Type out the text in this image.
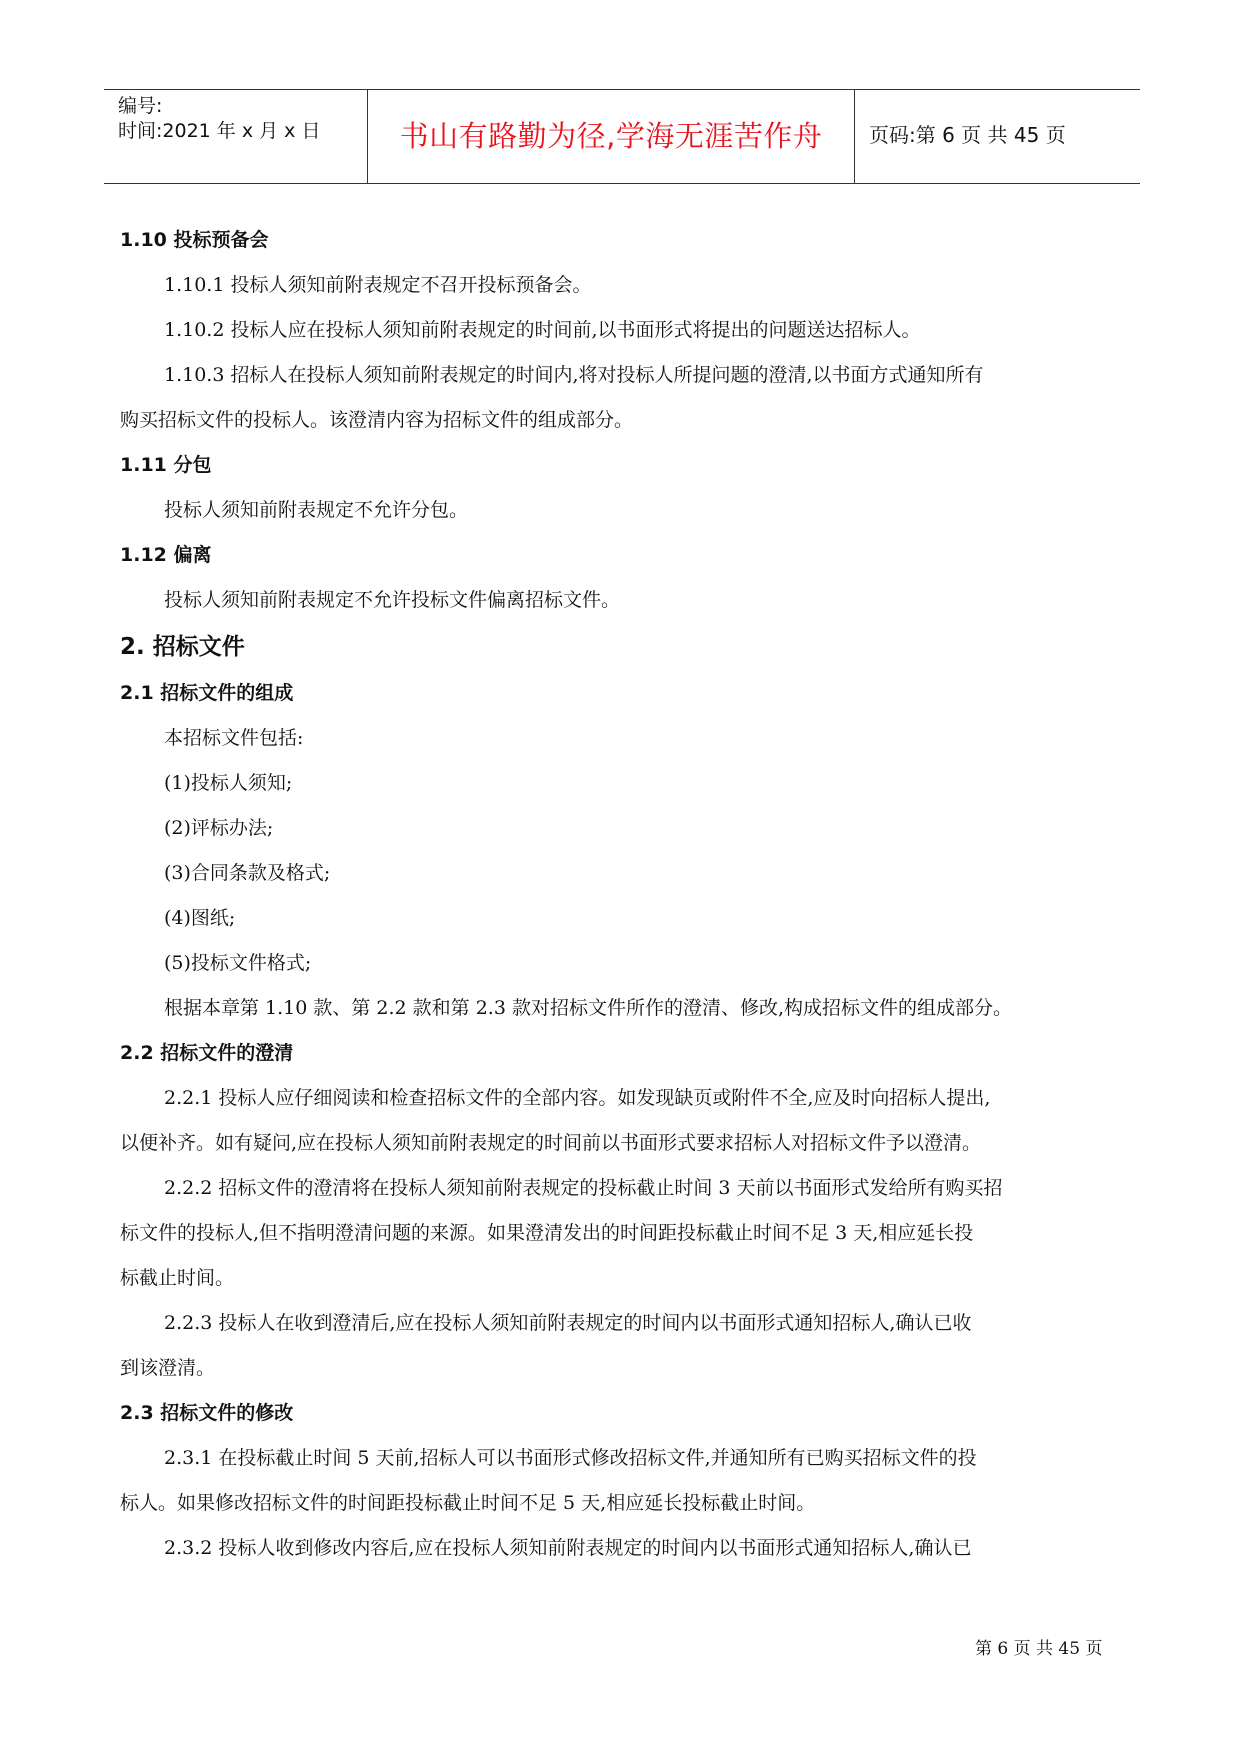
编号:
时间:2021 年 x 月 x 日	书山有路勤为径,学海无涯苦作舟	页码:第 6 页 共 45 页

1.10 投标预备会

1.10.1 投标人须知前附表规定不召开投标预备会。

1.10.2 投标人应在投标人须知前附表规定的时间前,以书面形式将提出的问题送达招标人。

1.10.3 招标人在投标人须知前附表规定的时间内,将对投标人所提问题的澄清,以书面方式通知所有

购买招标文件的投标人。该澄清内容为招标文件的组成部分。

1.11 分包

投标人须知前附表规定不允许分包。

1.12 偏离

投标人须知前附表规定不允许投标文件偏离招标文件。

2. 招标文件

2.1 招标文件的组成

本招标文件包括:

(1)投标人须知;

(2)评标办法;

(3)合同条款及格式;

(4)图纸;

(5)投标文件格式;

根据本章第 1.10 款、第 2.2 款和第 2.3 款对招标文件所作的澄清、修改,构成招标文件的组成部分。

2.2 招标文件的澄清

2.2.1 投标人应仔细阅读和检查招标文件的全部内容。如发现缺页或附件不全,应及时向招标人提出,

以便补齐。如有疑问,应在投标人须知前附表规定的时间前以书面形式要求招标人对招标文件予以澄清。

2.2.2 招标文件的澄清将在投标人须知前附表规定的投标截止时间 3 天前以书面形式发给所有购买招

标文件的投标人,但不指明澄清问题的来源。如果澄清发出的时间距投标截止时间不足 3 天,相应延长投

标截止时间。

2.2.3 投标人在收到澄清后,应在投标人须知前附表规定的时间内以书面形式通知招标人,确认已收

到该澄清。

2.3 招标文件的修改

2.3.1 在投标截止时间 5 天前,招标人可以书面形式修改招标文件,并通知所有已购买招标文件的投

标人。如果修改招标文件的时间距投标截止时间不足 5 天,相应延长投标截止时间。

2.3.2 投标人收到修改内容后,应在投标人须知前附表规定的时间内以书面形式通知招标人,确认已

第 6 页 共 45 页
